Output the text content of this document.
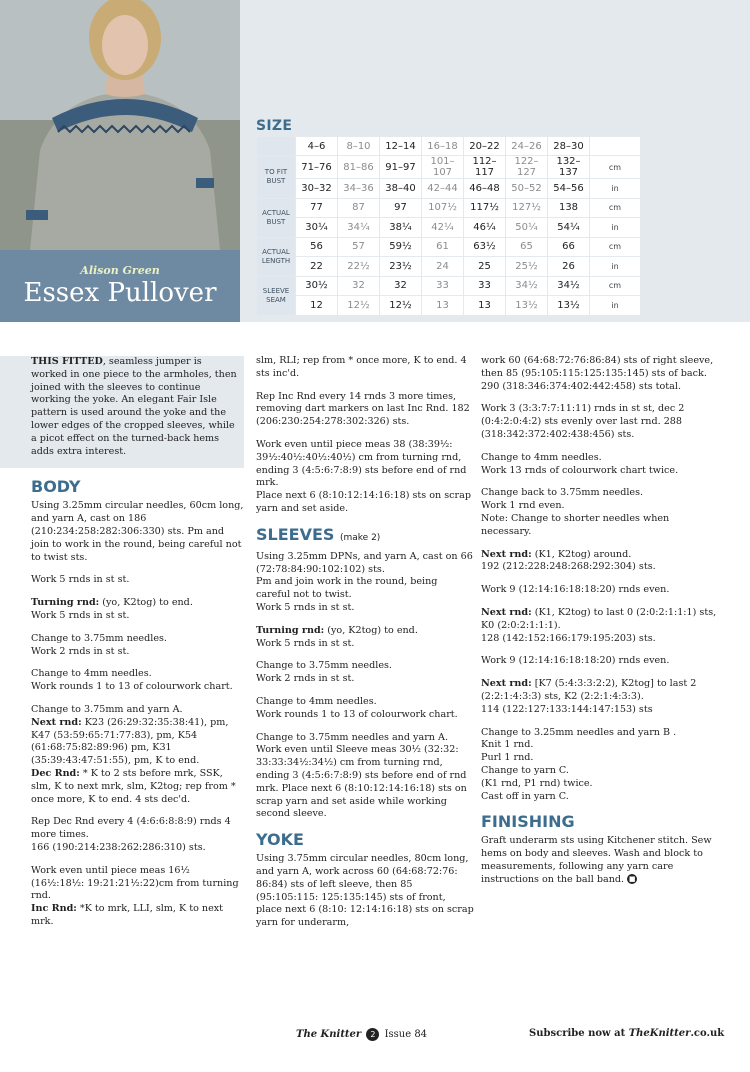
Alison Green
Essex Pullover
SIZE
	4–6	8–10	12–14	16–18	20–22	24–26	28–30	
TO FIT BUST	71–76	81–86	91–97	101–107	112–117	122–127	132–137	cm
	30–32	34–36	38–40	42–44	46–48	50–52	54–56	in
ACTUAL BUST	77	87	97	107½	117½	127½	138	cm
	30¼	34¼	38¼	42¼	46¼	50¼	54¼	in
ACTUAL LENGTH	56	57	59½	61	63½	65	66	cm
	22	22½	23½	24	25	25½	26	in
SLEEVE SEAM	30½	32	32	33	33	34½	34½	cm
	12	12½	12½	13	13	13½	13½	in

THIS FITTED, seamless jumper is worked in one piece to the armholes, then joined with the sleeves to continue working the yoke. An elegant Fair Isle pattern is used around the yoke and the lower edges of the cropped sleeves, while a picot effect on the turned-back hems adds extra interest.

BODY

Using 3.25mm circular needles, 60cm long, and yarn A, cast on 186 (210:234:258:282:306:330) sts. Pm and join to work in the round, being careful not to twist sts.

Work 5 rnds in st st.

Turning rnd: (yo, K2tog) to end.

Work 5 rnds in st st.

Change to 3.75mm needles.

Work 2 rnds in st st.

Change to 4mm needles.

Work rounds 1 to 13 of colourwork chart.

Change to 3.75mm and yarn A.

Next rnd: K23 (26:29:32:35:38:41), pm, K47 (53:59:65:71:77:83), pm, K54 (61:68:75:82:89:96) pm, K31 (35:39:43:47:51:55), pm, K to end.

Dec Rnd: * K to 2 sts before mrk, SSK, slm, K to next mrk, slm, K2tog; rep from * once more, K to end. 4 sts dec'd.

Rep Dec Rnd every 4 (4:6:6:8:8:9) rnds 4 more times.

166 (190:214:238:262:286:310) sts.

Work even until piece meas 16½ (16½:18½: 19:21:21½:22)cm from turning rnd.

Inc Rnd: *K to mrk, LLI, slm, K to next mrk.

slm, RLI; rep from * once more, K to end. 4 sts inc'd.

Rep Inc Rnd every 14 rnds 3 more times, removing dart markers on last Inc Rnd. 182 (206:230:254:278:302:326) sts.

Work even until piece meas 38 (38:39½: 39½:40½:40½:40½) cm from turning rnd, ending 3 (4:5:6:7:8:9) sts before end of rnd mrk.

Place next 6 (8:10:12:14:16:18) sts on scrap yarn and set aside.

SLEEVES (make 2)

Using 3.25mm DPNs, and yarn A, cast on 66 (72:78:84:90:102:102) sts.

Pm and join work in the round, being careful not to twist.

Work 5 rnds in st st.

Turning rnd: (yo, K2tog) to end.

Work 5 rnds in st st.

Change to 3.75mm needles.

Work 2 rnds in st st.

Change to 4mm needles.

Work rounds 1 to 13 of colourwork chart.

Change to 3.75mm needles and yarn A. Work even until Sleeve meas 30½ (32:32: 33:33:34½:34½) cm from turning rnd, ending 3 (4:5:6:7:8:9) sts before end of rnd mrk. Place next 6 (8:10:12:14:16:18) sts on scrap yarn and set aside while working second sleeve.

YOKE

Using 3.75mm circular needles, 80cm long, and yarn A, work across 60 (64:68:72:76: 86:84) sts of left sleeve, then 85 (95:105:115: 125:135:145) sts of front, place next 6 (8:10: 12:14:16:18) sts on scrap yarn for underarm,

work 60 (64:68:72:76:86:84) sts of right sleeve, then 85 (95:105:115:125:135:145) sts of back.

290 (318:346:374:402:442:458) sts total.

Work 3 (3:3:7:7:11:11) rnds in st st, dec 2 (0:4:2:0:4:2) sts evenly over last rnd. 288 (318:342:372:402:438:456) sts.

Change to 4mm needles.

Work 13 rnds of colourwork chart twice.

Change back to 3.75mm needles.

Work 1 rnd even.

Note: Change to shorter needles when necessary.

Next rnd: (K1, K2tog) around.

192 (212:228:248:268:292:304) sts.

Work 9 (12:14:16:18:18:20) rnds even.

Next rnd: (K1, K2tog) to last 0 (2:0:2:1:1:1) sts, K0 (2:0:2:1:1:1).

128 (142:152:166:179:195:203) sts.

Work 9 (12:14:16:18:18:20) rnds even.

Next rnd: [K7 (5:4:3:3:2:2), K2tog] to last 2 (2:2:1:4:3:3) sts, K2 (2:2:1:4:3:3).

114 (122:127:133:144:147:153) sts

Change to 3.25mm needles and yarn B .

Knit 1 rnd.

Purl 1 rnd.

Change to yarn C.

(K1 rnd, P1 rnd) twice.

Cast off in yarn C.

FINISHING

Graft underarm sts using Kitchener stitch. Sew hems on body and sleeves. Wash and block to measurements, following any yarn care instructions on the ball band. ■

The Knitter 2 Issue 84	Subscribe now at TheKnitter.co.uk
